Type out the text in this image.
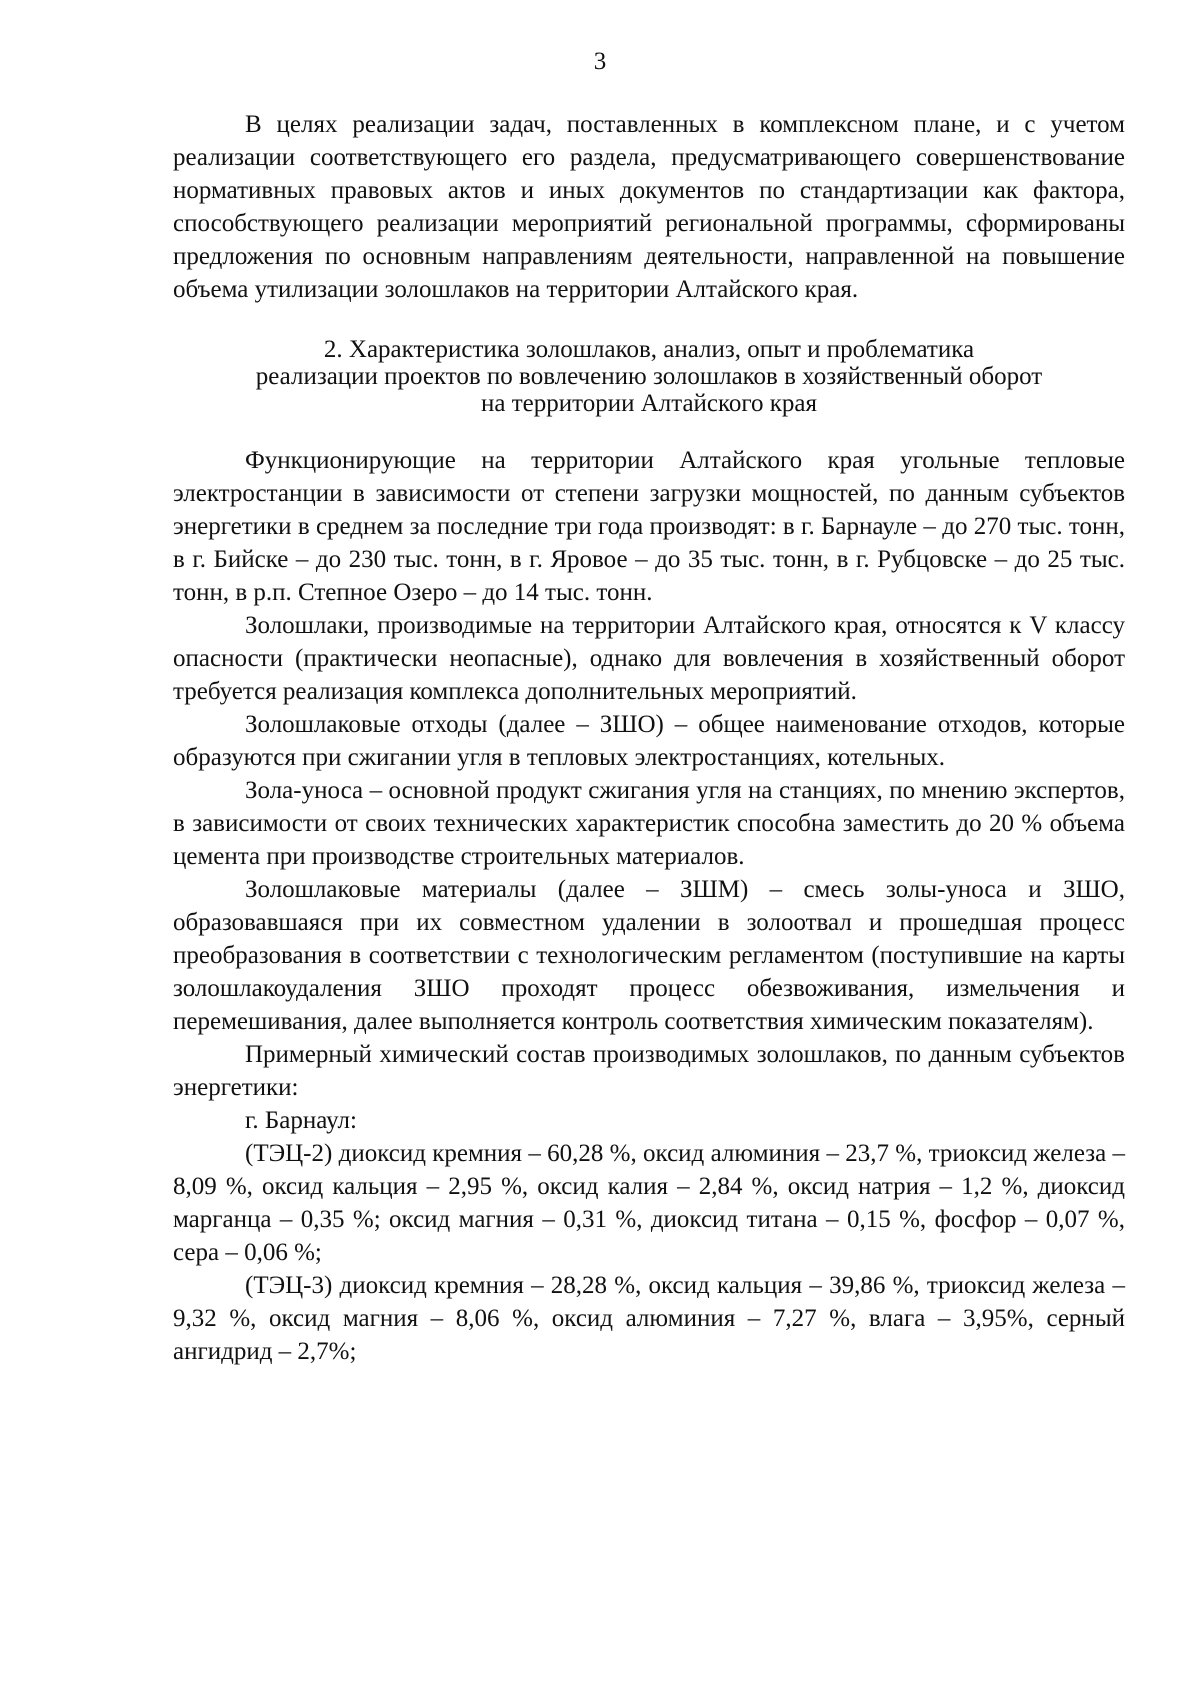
3

В целях реализации задач, поставленных в комплексном плане, и с учетом реализации соответствующего его раздела, предусматривающего совершенствование нормативных правовых актов и иных документов по стандартизации как фактора, способствующего реализации мероприятий региональной программы, сформированы предложения по основным направлениям деятельности, направленной на повышение объема утилизации золошлаков на территории Алтайского края.

2. Характеристика золошлаков, анализ, опыт и проблематика
реализации проектов по вовлечению золошлаков в хозяйственный оборот
на территории Алтайского края

Функционирующие на территории Алтайского края угольные тепловые электростанции в зависимости от степени загрузки мощностей, по данным субъектов энергетики в среднем за последние три года производят: в г. Барнауле – до 270 тыс. тонн, в г. Бийске – до 230 тыс. тонн, в г. Яровое – до 35 тыс. тонн, в г. Рубцовске – до 25 тыс. тонн, в р.п. Степное Озеро – до 14 тыс. тонн.

Золошлаки, производимые на территории Алтайского края, относятся к V классу опасности (практически неопасные), однако для вовлечения в хозяйственный оборот требуется реализация комплекса дополнительных мероприятий.

Золошлаковые отходы (далее – ЗШО) – общее наименование отходов, которые образуются при сжигании угля в тепловых электростанциях, котельных.

Зола-уноса – основной продукт сжигания угля на станциях, по мнению экспертов, в зависимости от своих технических характеристик способна заместить до 20 % объема цемента при производстве строительных материалов.

Золошлаковые материалы (далее – ЗШМ) – смесь золы-уноса и ЗШО, образовавшаяся при их совместном удалении в золоотвал и прошедшая процесс преобразования в соответствии с технологическим регламентом (поступившие на карты золошлакоудаления ЗШО проходят процесс обезвоживания, измельчения и перемешивания, далее выполняется контроль соответствия химическим показателям).

Примерный химический состав производимых золошлаков, по данным субъектов энергетики:

г. Барнаул:

(ТЭЦ-2) диоксид кремния – 60,28 %, оксид алюминия – 23,7 %, триоксид железа – 8,09 %, оксид кальция – 2,95 %, оксид калия – 2,84 %, оксид натрия – 1,2 %, диоксид марганца – 0,35 %; оксид магния – 0,31 %, диоксид титана – 0,15 %, фосфор – 0,07 %, сера – 0,06 %;

(ТЭЦ-3) диоксид кремния – 28,28 %, оксид кальция – 39,86 %, триоксид железа – 9,32 %, оксид магния – 8,06 %, оксид алюминия – 7,27 %, влага – 3,95%, серный ангидрид – 2,7%;
